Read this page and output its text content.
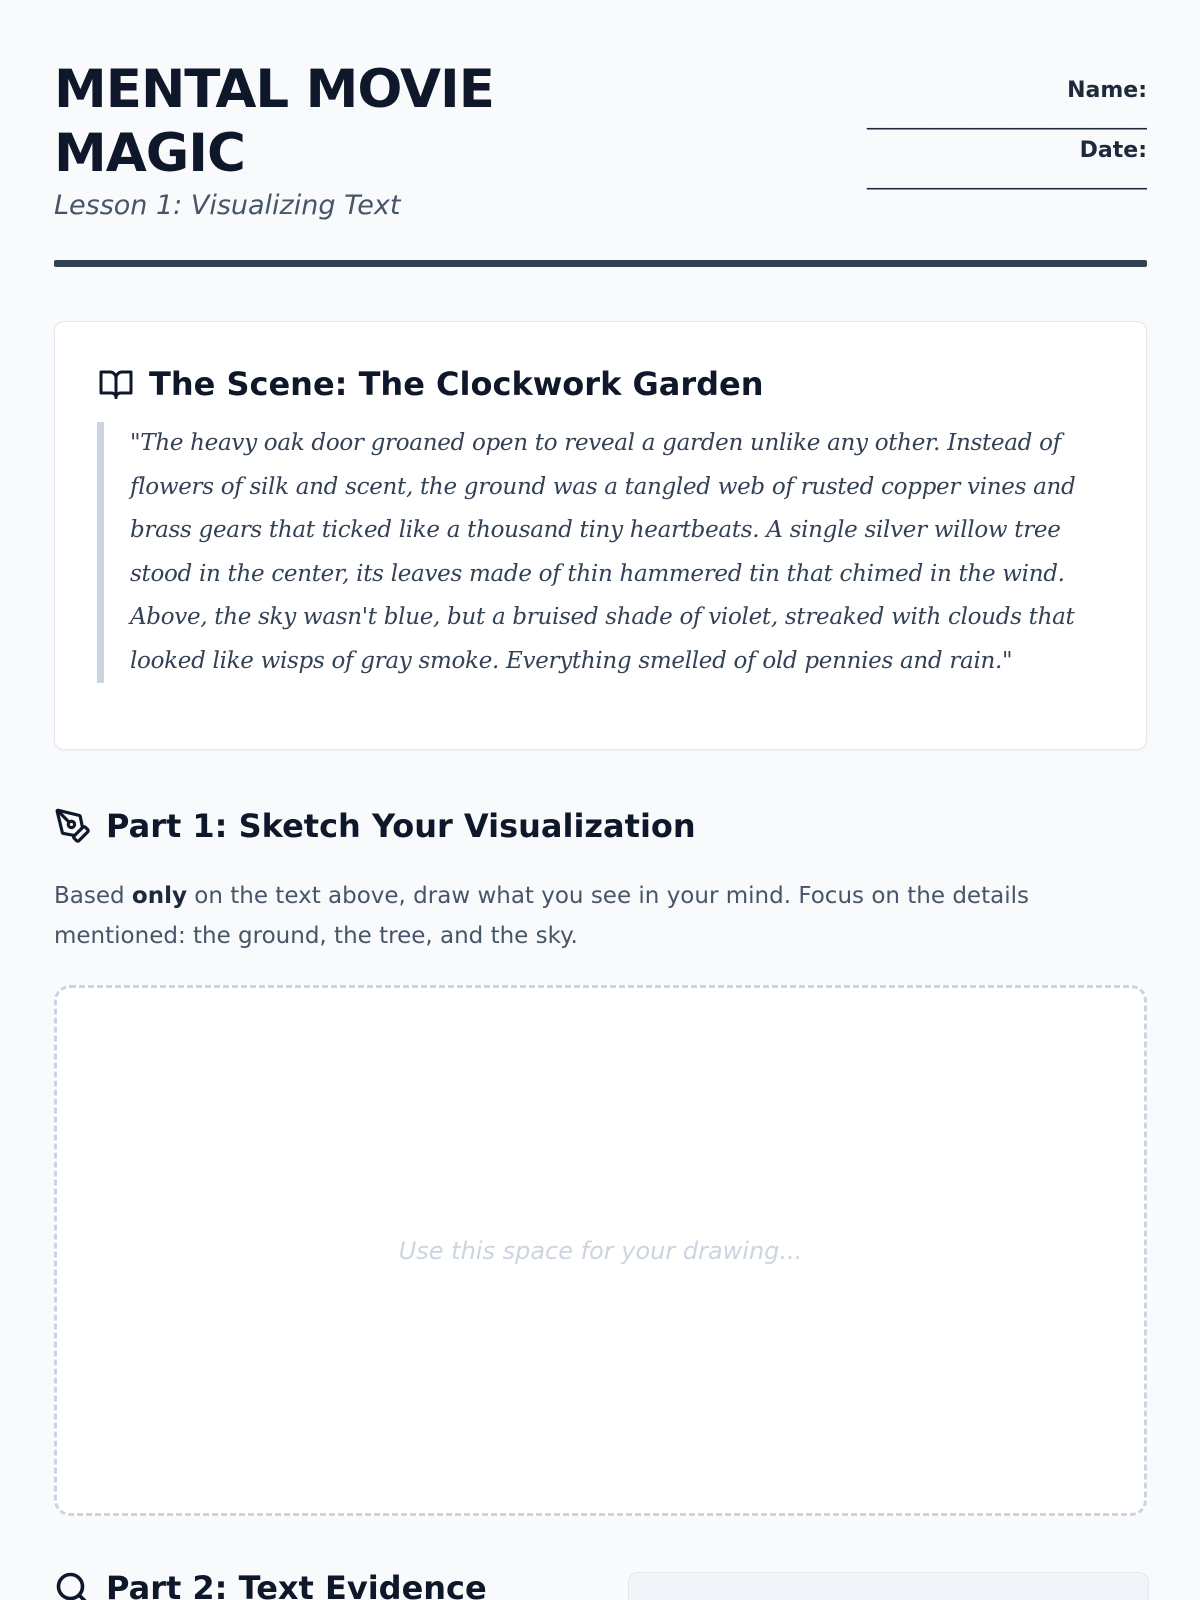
MENTAL MOVIE MAGIC

Lesson 1: Visualizing Text

Name:
____________________________
Date:
____________________________
The Scene: The Clockwork Garden
"The heavy oak door groaned open to reveal a garden unlike any other. Instead of flowers of silk and scent, the ground was a tangled web of rusted copper vines and brass gears that ticked like a thousand tiny heartbeats. A single silver willow tree stood in the center, its leaves made of thin hammered tin that chimed in the wind. Above, the sky wasn't blue, but a bruised shade of violet, streaked with clouds that looked like wisps of gray smoke. Everything smelled of old pennies and rain."
Part 1: Sketch Your Visualization

Based only on the text above, draw what you see in your mind. Focus on the details mentioned: the ground, the tree, and the sky.

Use this space for your drawing...
Part 2: Text Evidence
